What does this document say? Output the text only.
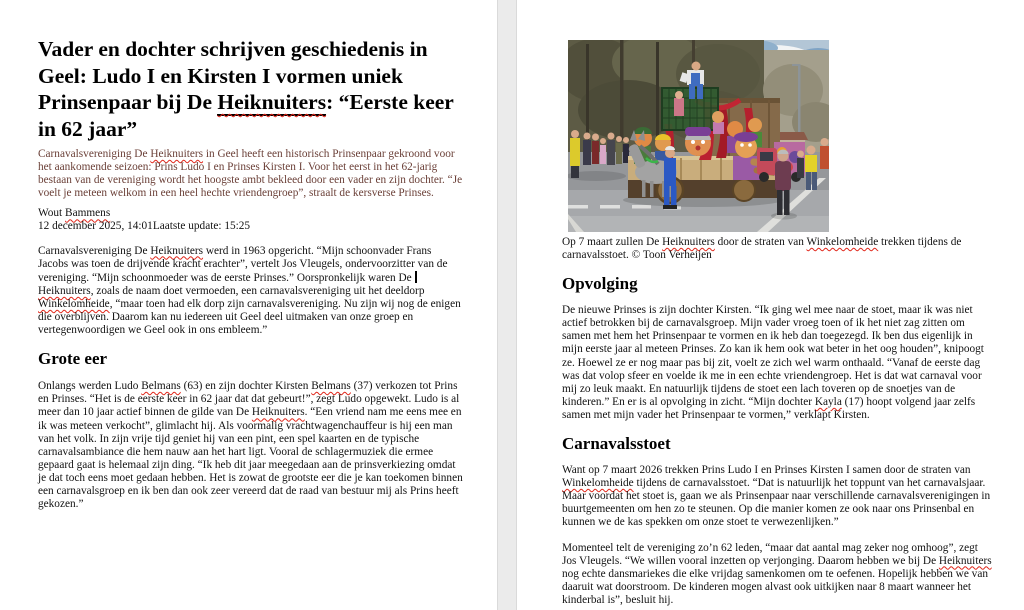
Vader en dochter schrijven geschiedenis in Geel: Ludo I en Kirsten I vormen uniek Prinsenpaar bij De Heiknuiters: “Eerste keer in 62 jaar”

Carnavalsvereniging De Heiknuiters in Geel heeft een historisch Prinsenpaar gekroond voor het aankomende seizoen: Prins Ludo I en Prinses Kirsten I. Voor het eerst in het 62-jarig bestaan van de vereniging wordt het hoogste ambt bekleed door een vader en zijn dochter. “Je voelt je meteen welkom in een heel hechte vriendengroep”, straalt de kersverse Prinses.

Wout Bammens

12 december 2025, 14:01Laatste update: 15:25

Carnavalsvereniging De Heiknuiters werd in 1963 opgericht. “Mijn schoonvader Frans Jacobs was toen de drijvende kracht erachter”, vertelt Jos Vleugels, ondervoorzitter van de vereniging. “Mijn schoonmoeder was de eerste Prinses.” Oorspronkelijk waren De Heiknuiters, zoals de naam doet vermoeden, een carnavalsvereniging uit het deeldorp Winkelomheide, “maar toen had elk dorp zijn carnavalsvereniging. Nu zijn wij nog de enigen die overblijven. Daarom kan nu iedereen uit Geel deel uitmaken van onze groep en vertegenwoordigen we Geel ook in ons embleem.”

Grote eer

Onlangs werden Ludo Belmans (63) en zijn dochter Kirsten Belmans (37) verkozen tot Prins en Prinses. “Het is de eerste keer in 62 jaar dat dat gebeurt!”, zegt Ludo opgewekt. Ludo is al meer dan 10 jaar actief binnen de gilde van De Heiknuiters. “Een vriend nam me eens mee en ik was meteen verkocht”, glimlacht hij. Als voormalig vrachtwagenchauffeur is hij een man van het volk. In zijn vrije tijd geniet hij van een pint, een spel kaarten en de typische carnavalsambiance die hem nauw aan het hart ligt. Vooral de schlagermuziek die ermee gepaard gaat is helemaal zijn ding. “Ik heb dit jaar meegedaan aan de prinsverkiezing omdat je dat toch eens moet gedaan hebben. Het is zowat de grootste eer die je kan toekomen binnen een carnavalsgroep en ik ben dan ook zeer vereerd dat de raad van bestuur mij als Prins heeft gekozen.”

Op 7 maart zullen De Heiknuiters door de straten van Winkelomheide trekken tijdens de carnavalsstoet. © Toon Verheijen

Opvolging

De nieuwe Prinses is zijn dochter Kirsten. “Ik ging wel mee naar de stoet, maar ik was niet actief betrokken bij de carnavalsgroep. Mijn vader vroeg toen of ik het niet zag zitten om samen met hem het Prinsenpaar te vormen en ik heb dan toegezegd. Ik ben dus eigenlijk in mijn eerste jaar al meteen Prinses. Zo kan ik hem ook wat beter in het oog houden”, knipoogt ze. Hoewel ze er nog maar pas bij zit, voelt ze zich wel warm onthaald. “Vanaf de eerste dag was dat volop sfeer en voelde ik me in een echte vriendengroep. Het is dat wat carnaval voor mij zo leuk maakt. En natuurlijk tijdens de stoet een lach toveren op de snoetjes van de kinderen.” En er is al opvolging in zicht. “Mijn dochter Kayla (17) hoopt volgend jaar zelfs samen met mijn vader het Prinsenpaar te vormen,” verklapt Kirsten.

Carnavalsstoet

Want op 7 maart 2026 trekken Prins Ludo I en Prinses Kirsten I samen door de straten van Winkelomheide tijdens de carnavalsstoet. “Dat is natuurlijk het toppunt van het carnavalsjaar. Maar voordat het stoet is, gaan we als Prinsenpaar naar verschillende carnavalsverenigingen in buurtgemeenten om hen zo te steunen. Op die manier komen ze ook naar ons Prinsenbal en kunnen we de kas spekken om onze stoet te verwezenlijken.”

Momenteel telt de vereniging zo’n 62 leden, “maar dat aantal mag zeker nog omhoog”, zegt Jos Vleugels. “We willen vooral inzetten op verjonging. Daarom hebben we bij De Heiknuiters nog echte dansmariekes die elke vrijdag samenkomen om te oefenen. Hopelijk hebben we van daaruit wat doorstroom. De kinderen mogen alvast ook uitkijken naar 8 maart wanneer het kinderbal is”, besluit hij.
